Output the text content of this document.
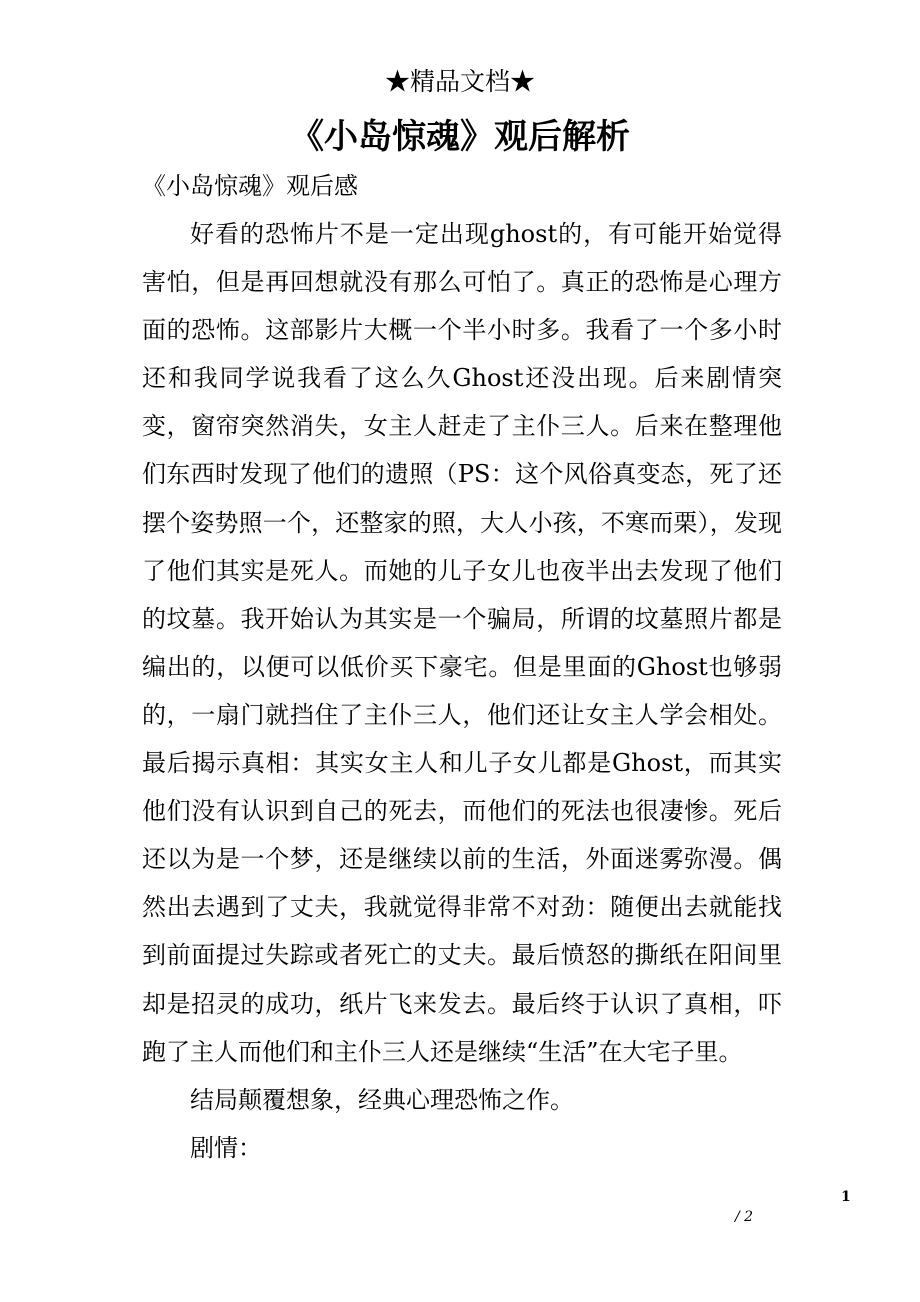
★精品文档★
《小岛惊魂》观后解析
《小岛惊魂》观后感

好看的恐怖片不是一定出现ghost的，有可能开始觉得害怕，但是再回想就没有那么可怕了。真正的恐怖是心理方面的恐怖。这部影片大概一个半小时多。我看了一个多小时还和我同学说我看了这么久Ghost还没出现。后来剧情突变，窗帘突然消失，女主人赶走了主仆三人。后来在整理他们东西时发现了他们的遗照（PS：这个风俗真变态，死了还摆个姿势照一个，还整家的照，大人小孩，不寒而栗），发现了他们其实是死人。而她的儿子女儿也夜半出去发现了他们的坟墓。我开始认为其实是一个骗局，所谓的坟墓照片都是编出的，以便可以低价买下豪宅。但是里面的Ghost也够弱的，一扇门就挡住了主仆三人，他们还让女主人学会相处。最后揭示真相：其实女主人和儿子女儿都是Ghost，而其实他们没有认识到自己的死去，而他们的死法也很凄惨。死后还以为是一个梦，还是继续以前的生活，外面迷雾弥漫。偶然出去遇到了丈夫，我就觉得非常不对劲：随便出去就能找到前面提过失踪或者死亡的丈夫。最后愤怒的撕纸在阳间里却是招灵的成功，纸片飞来发去。最后终于认识了真相，吓跑了主人而他们和主仆三人还是继续“生活”在大宅子里。

结局颠覆想象，经典心理恐怖之作。

剧情：

1
/ 2
